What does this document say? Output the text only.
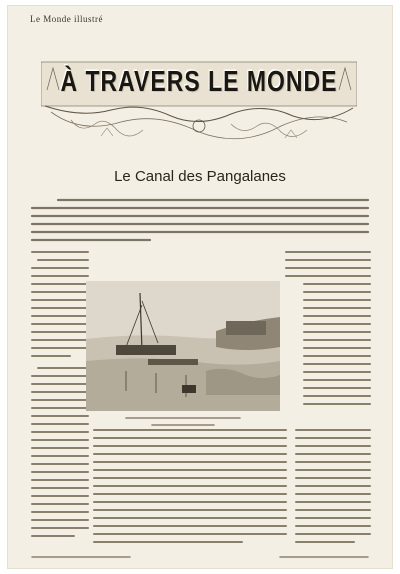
Le Monde illustré
À TRAVERS LE MONDE
Le Canal des Pangalanes
